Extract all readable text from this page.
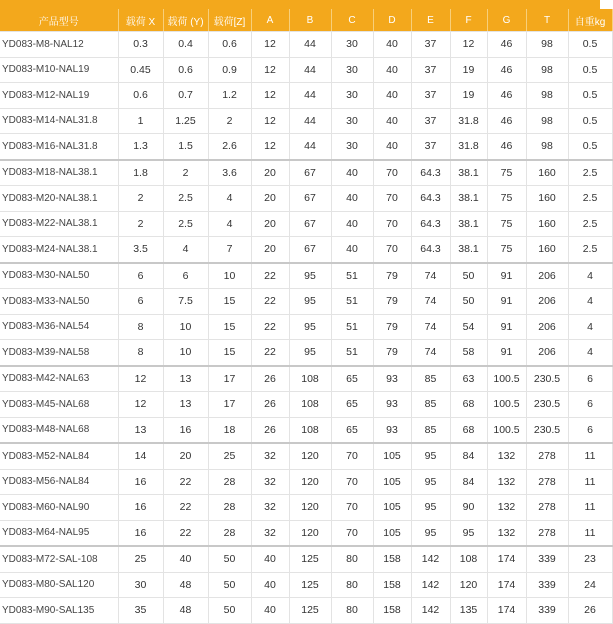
产品型号	载荷 X	载荷 (Y)	载荷[Z]	A	B	C	D	E	F	G	T	自重kg
YD083-M8-NAL12	0.3	0.4	0.6	12	44	30	40	37	12	46	98	0.5
YD083-M10-NAL19	0.45	0.6	0.9	12	44	30	40	37	19	46	98	0.5
YD083-M12-NAL19	0.6	0.7	1.2	12	44	30	40	37	19	46	98	0.5
YD083-M14-NAL31.8	1	1.25	2	12	44	30	40	37	31.8	46	98	0.5
YD083-M16-NAL31.8	1.3	1.5	2.6	12	44	30	40	37	31.8	46	98	0.5
YD083-M18-NAL38.1	1.8	2	3.6	20	67	40	70	64.3	38.1	75	160	2.5
YD083-M20-NAL38.1	2	2.5	4	20	67	40	70	64.3	38.1	75	160	2.5
YD083-M22-NAL38.1	2	2.5	4	20	67	40	70	64.3	38.1	75	160	2.5
YD083-M24-NAL38.1	3.5	4	7	20	67	40	70	64.3	38.1	75	160	2.5
YD083-M30-NAL50	6	6	10	22	95	51	79	74	50	91	206	4
YD083-M33-NAL50	6	7.5	15	22	95	51	79	74	50	91	206	4
YD083-M36-NAL54	8	10	15	22	95	51	79	74	54	91	206	4
YD083-M39-NAL58	8	10	15	22	95	51	79	74	58	91	206	4
YD083-M42-NAL63	12	13	17	26	108	65	93	85	63	100.5	230.5	6
YD083-M45-NAL68	12	13	17	26	108	65	93	85	68	100.5	230.5	6
YD083-M48-NAL68	13	16	18	26	108	65	93	85	68	100.5	230.5	6
YD083-M52-NAL84	14	20	25	32	120	70	105	95	84	132	278	11
YD083-M56-NAL84	16	22	28	32	120	70	105	95	84	132	278	11
YD083-M60-NAL90	16	22	28	32	120	70	105	95	90	132	278	11
YD083-M64-NAL95	16	22	28	32	120	70	105	95	95	132	278	11
YD083-M72-SAL-108	25	40	50	40	125	80	158	142	108	174	339	23
YD083-M80-SAL120	30	48	50	40	125	80	158	142	120	174	339	24
YD083-M90-SAL135	35	48	50	40	125	80	158	142	135	174	339	26
